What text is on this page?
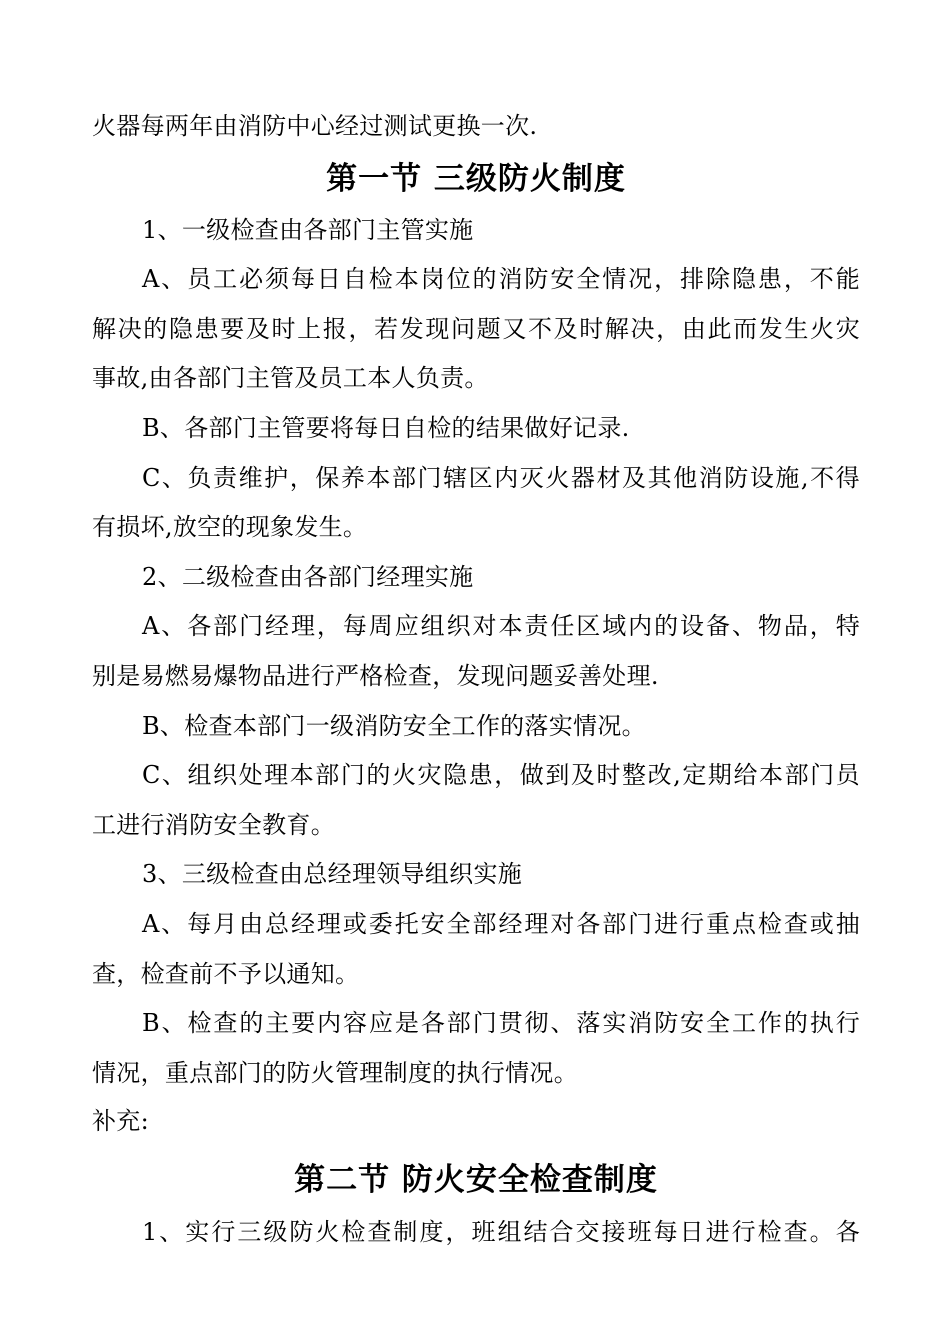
火器每两年由消防中心经过测试更换一次.
第一节 三级防火制度
1、一级检查由各部门主管实施
A、员工必须每日自检本岗位的消防安全情况，排除隐患，不能
解决的隐患要及时上报，若发现问题又不及时解决，由此而发生火灾
事故,由各部门主管及员工本人负责。
B、各部门主管要将每日自检的结果做好记录.
C、负责维护，保养本部门辖区内灭火器材及其他消防设施,不得
有损坏,放空的现象发生。
2、二级检查由各部门经理实施
A、各部门经理，每周应组织对本责任区域内的设备、物品，特
别是易燃易爆物品进行严格检查，发现问题妥善处理.
B、检查本部门一级消防安全工作的落实情况。
C、组织处理本部门的火灾隐患，做到及时整改,定期给本部门员
工进行消防安全教育。
3、三级检查由总经理领导组织实施
A、每月由总经理或委托安全部经理对各部门进行重点检查或抽
查，检查前不予以通知。
B、检查的主要内容应是各部门贯彻、落实消防安全工作的执行
情况，重点部门的防火管理制度的执行情况。
补充:
第二节 防火安全检查制度
1、实行三级防火检查制度，班组结合交接班每日进行检查。各
